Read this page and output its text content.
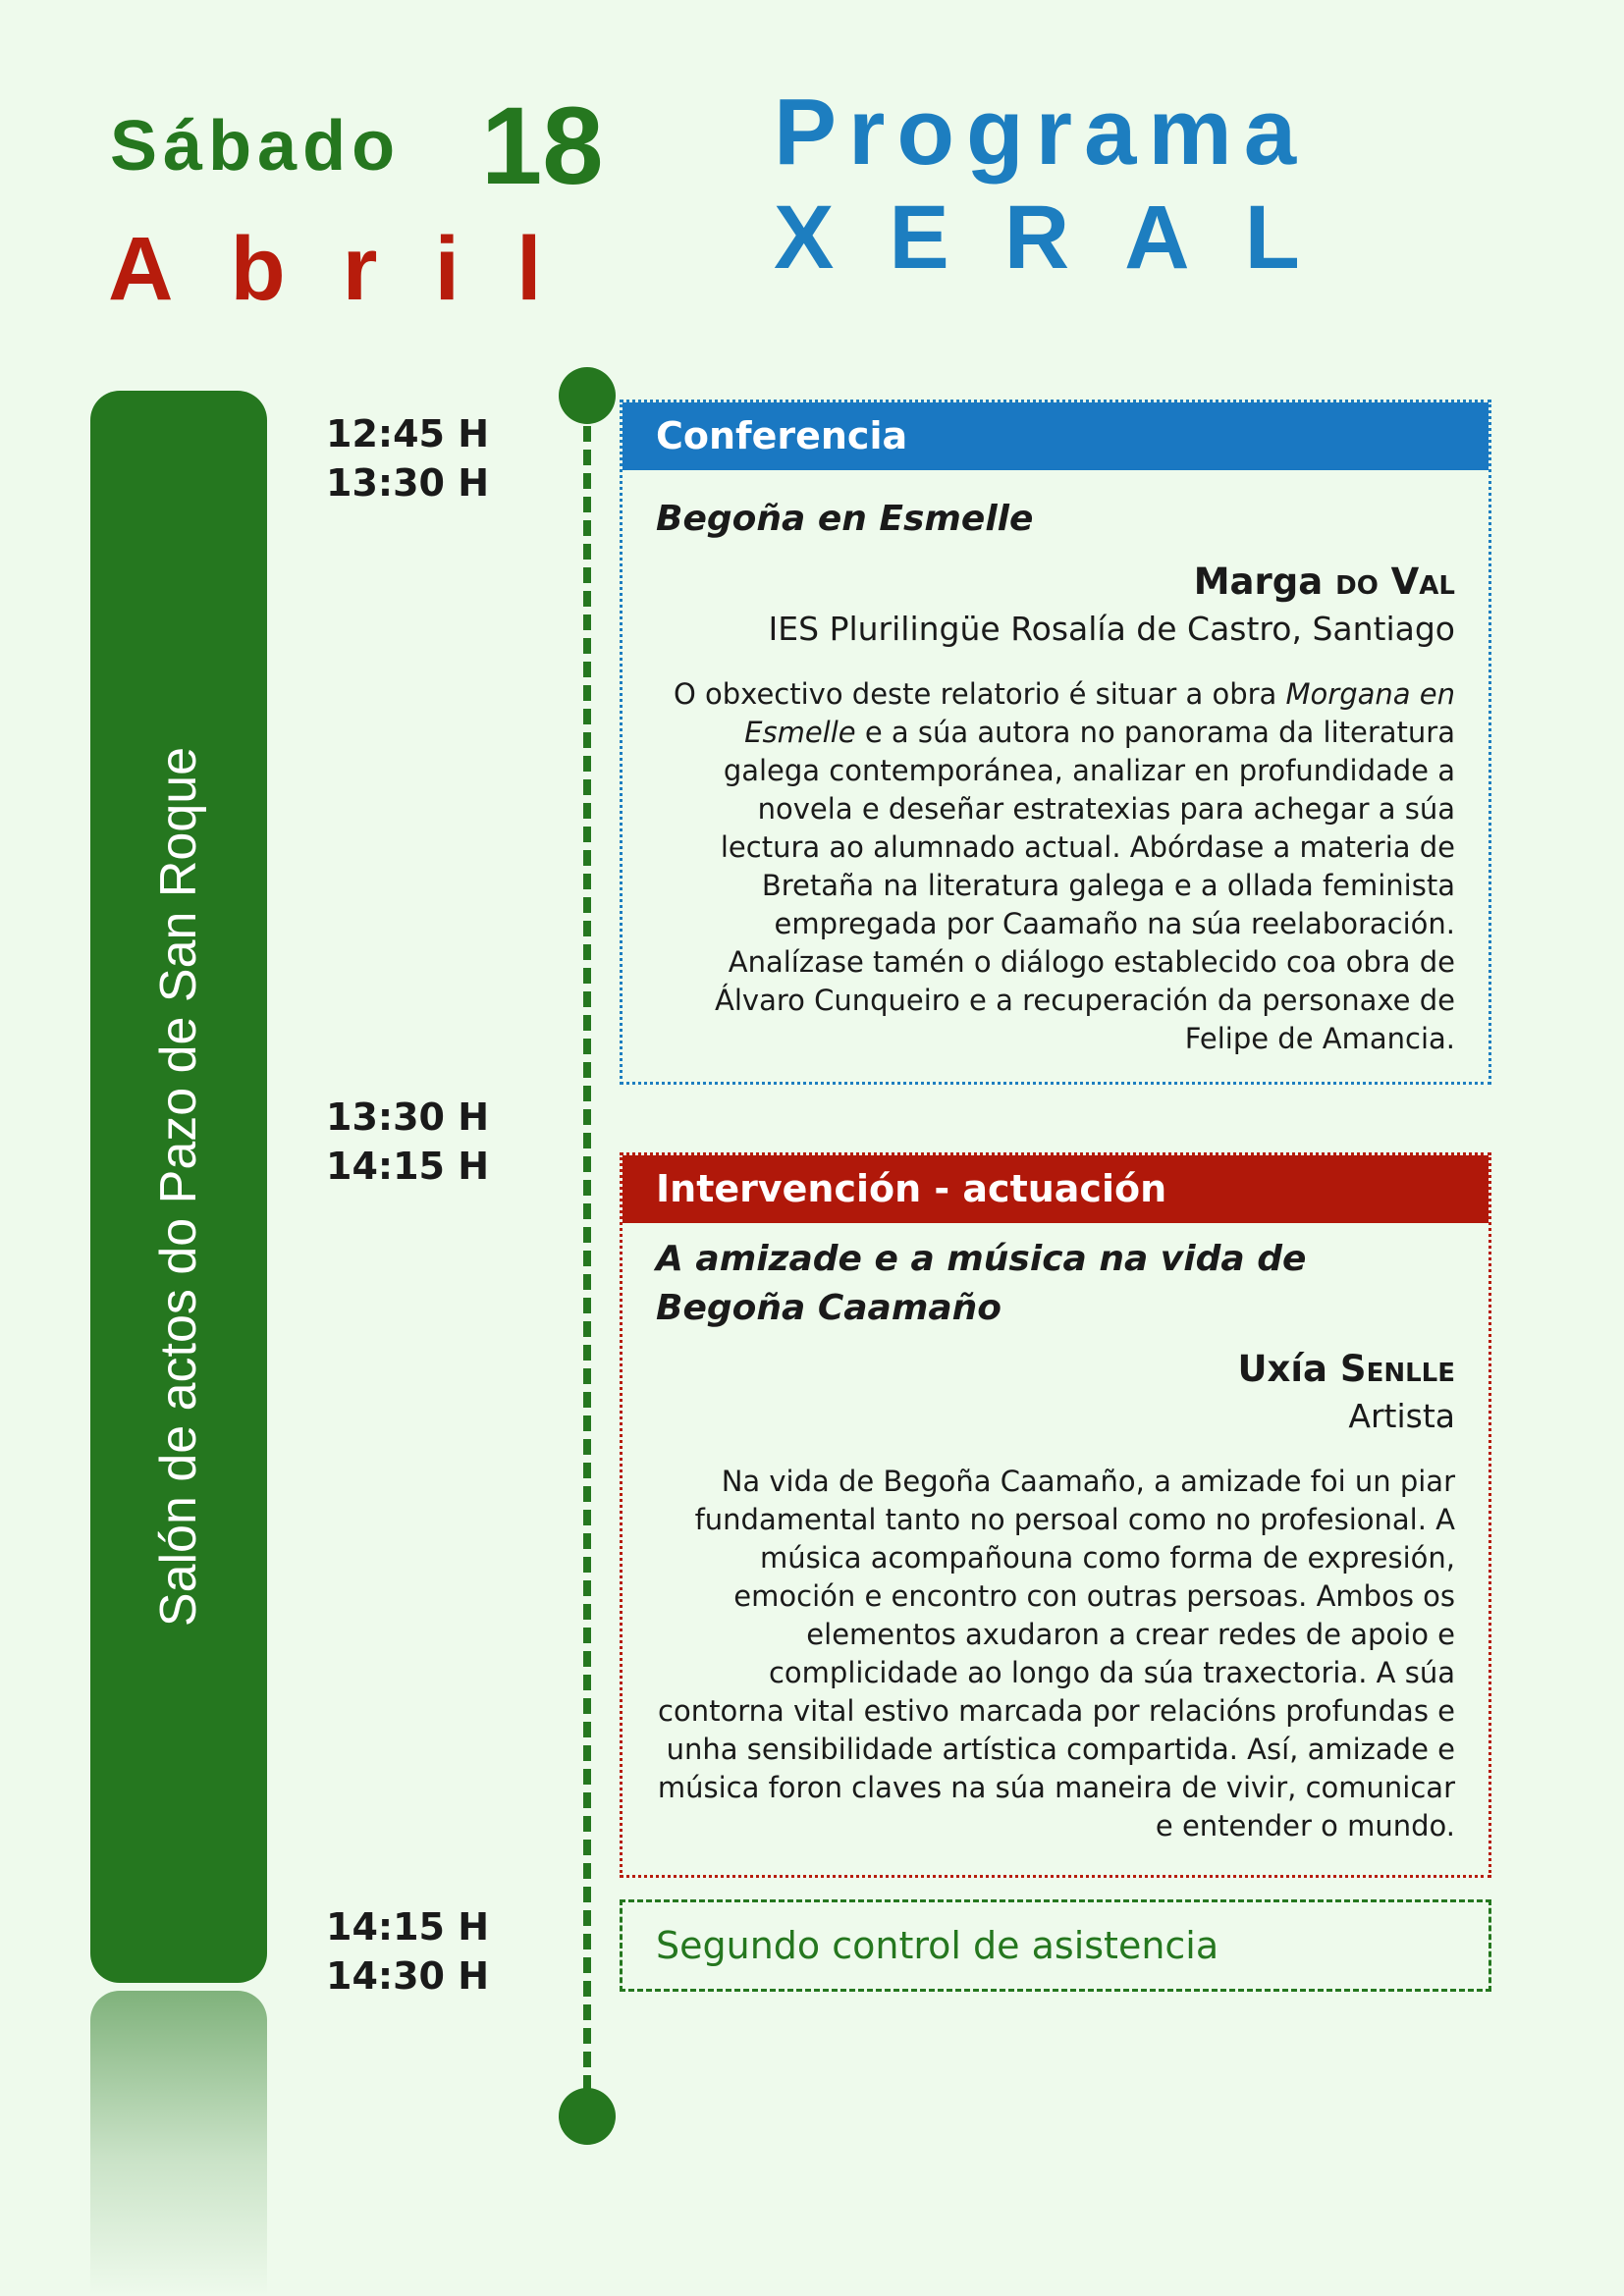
Sábado 18
Abril
Programa
XERAL
Salón de actos do Pazo de San Roque
12:45 H
13:30 H
13:30 H
14:15 H
14:15 H
14:30 H
Conferencia
Begoña en Esmelle
Marga do Val
IES Plurilingüe Rosalía de Castro, Santiago
O obxectivo deste relatorio é situar a obra Morgana en Esmelle e a súa autora no panorama da literatura galega contemporánea, analizar en profundidade a novela e deseñar estratexias para achegar a súa lectura ao alumnado actual. Abórdase a materia de Bretaña na literatura galega e a ollada feminista empregada por Caamaño na súa reelaboración. Analízase tamén o diálogo establecido coa obra de Álvaro Cunqueiro e a recuperación da personaxe de Felipe de Amancia.
Intervención - actuación
A amizade e a música na vida de Begoña Caamaño
Uxía Senlle
Artista
Na vida de Begoña Caamaño, a amizade foi un piar fundamental tanto no persoal como no profesional. A música acompañouna como forma de expresión, emoción e encontro con outras persoas. Ambos os elementos axudaron a crear redes de apoio e complicidade ao longo da súa traxectoria. A súa contorna vital estivo marcada por relacións profundas e unha sensibilidade artística compartida. Así, amizade e música foron claves na súa maneira de vivir, comunicar e entender o mundo.
Segundo control de asistencia
